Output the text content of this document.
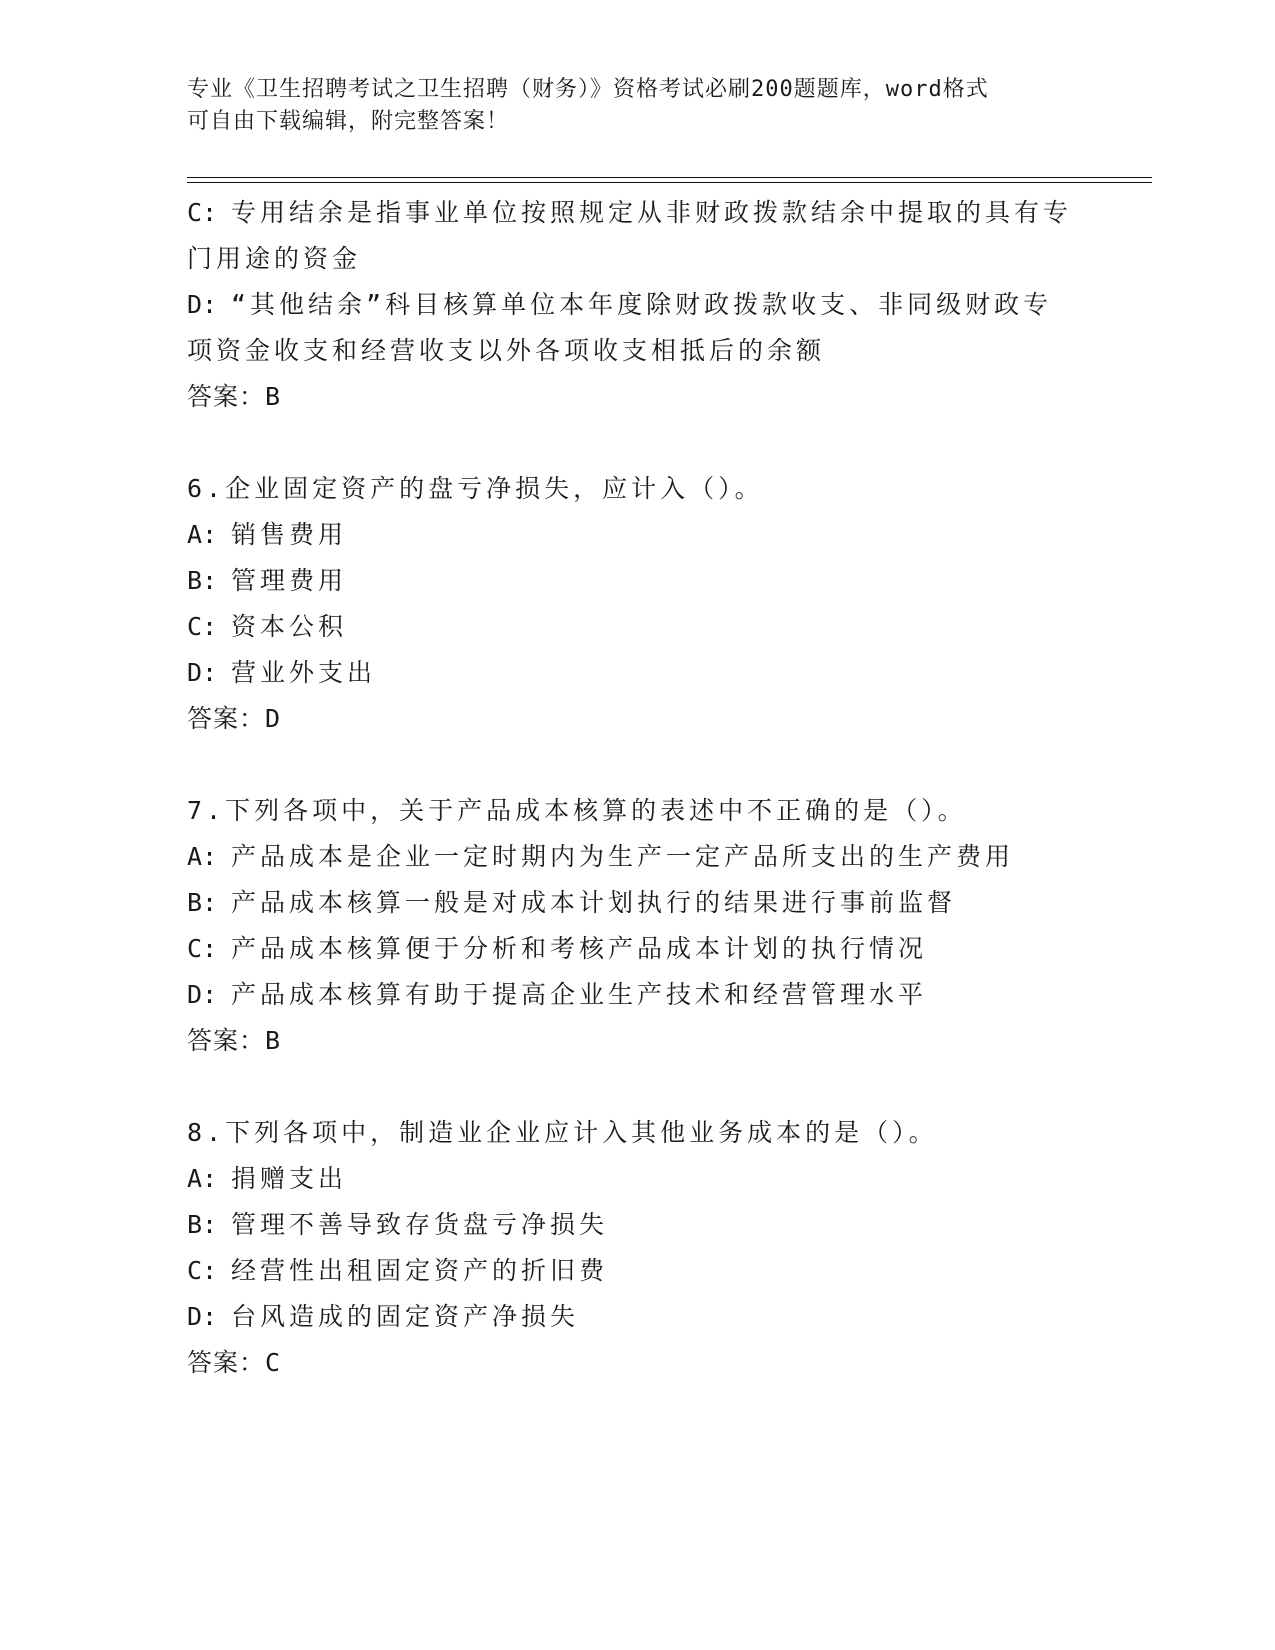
专业《卫生招聘考试之卫生招聘（财务）》资格考试必刷200题题库，word格式
可自由下载编辑，附完整答案！
C: 专用结余是指事业单位按照规定从非财政拨款结余中提取的具有专
门用途的资金
D: “其他结余”科目核算单位本年度除财政拨款收支、非同级财政专
项资金收支和经营收支以外各项收支相抵后的余额
答案：B
6.企业固定资产的盘亏净损失，应计入（）。
A: 销售费用
B: 管理费用
C: 资本公积
D: 营业外支出
答案：D
7.下列各项中，关于产品成本核算的表述中不正确的是（）。
A: 产品成本是企业一定时期内为生产一定产品所支出的生产费用
B: 产品成本核算一般是对成本计划执行的结果进行事前监督
C: 产品成本核算便于分析和考核产品成本计划的执行情况
D: 产品成本核算有助于提高企业生产技术和经营管理水平
答案：B
8.下列各项中，制造业企业应计入其他业务成本的是（）。
A: 捐赠支出
B: 管理不善导致存货盘亏净损失
C: 经营性出租固定资产的折旧费
D: 台风造成的固定资产净损失
答案：C
